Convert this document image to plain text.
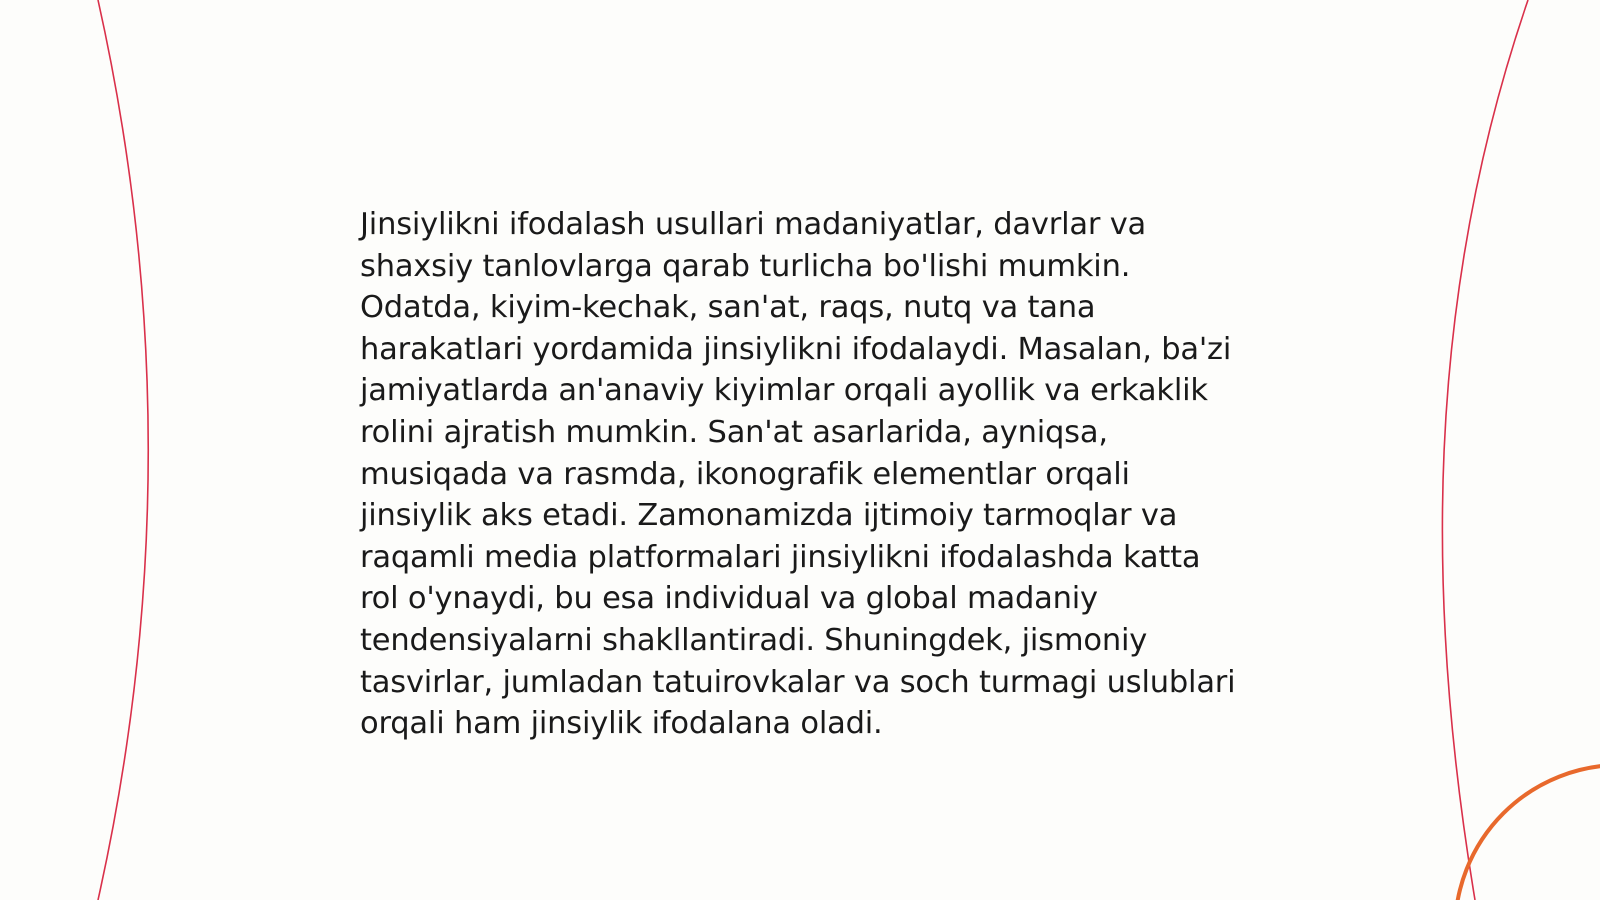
Jinsiylikni ifodalash usullari madaniyatlar, davrlar va shaxsiy tanlovlarga qarab turlicha bo'lishi mumkin. Odatda, kiyim-kechak, san'at, raqs, nutq va tana harakatlari yordamida jinsiylikni ifodalaydi. Masalan, ba'zi jamiyatlarda an'anaviy kiyimlar orqali ayollik va erkaklik rolini ajratish mumkin. San'at asarlarida, ayniqsa, musiqada va rasmda, ikonografik elementlar orqali jinsiylik aks etadi. Zamonamizda ijtimoiy tarmoqlar va raqamli media platformalari jinsiylikni ifodalashda katta rol o'ynaydi, bu esa individual va global madaniy tendensiyalarni shakllantiradi. Shuningdek, jismoniy tasvirlar, jumladan tatuirovkalar va soch turmagi uslublari orqali ham jinsiylik ifodalana oladi.
